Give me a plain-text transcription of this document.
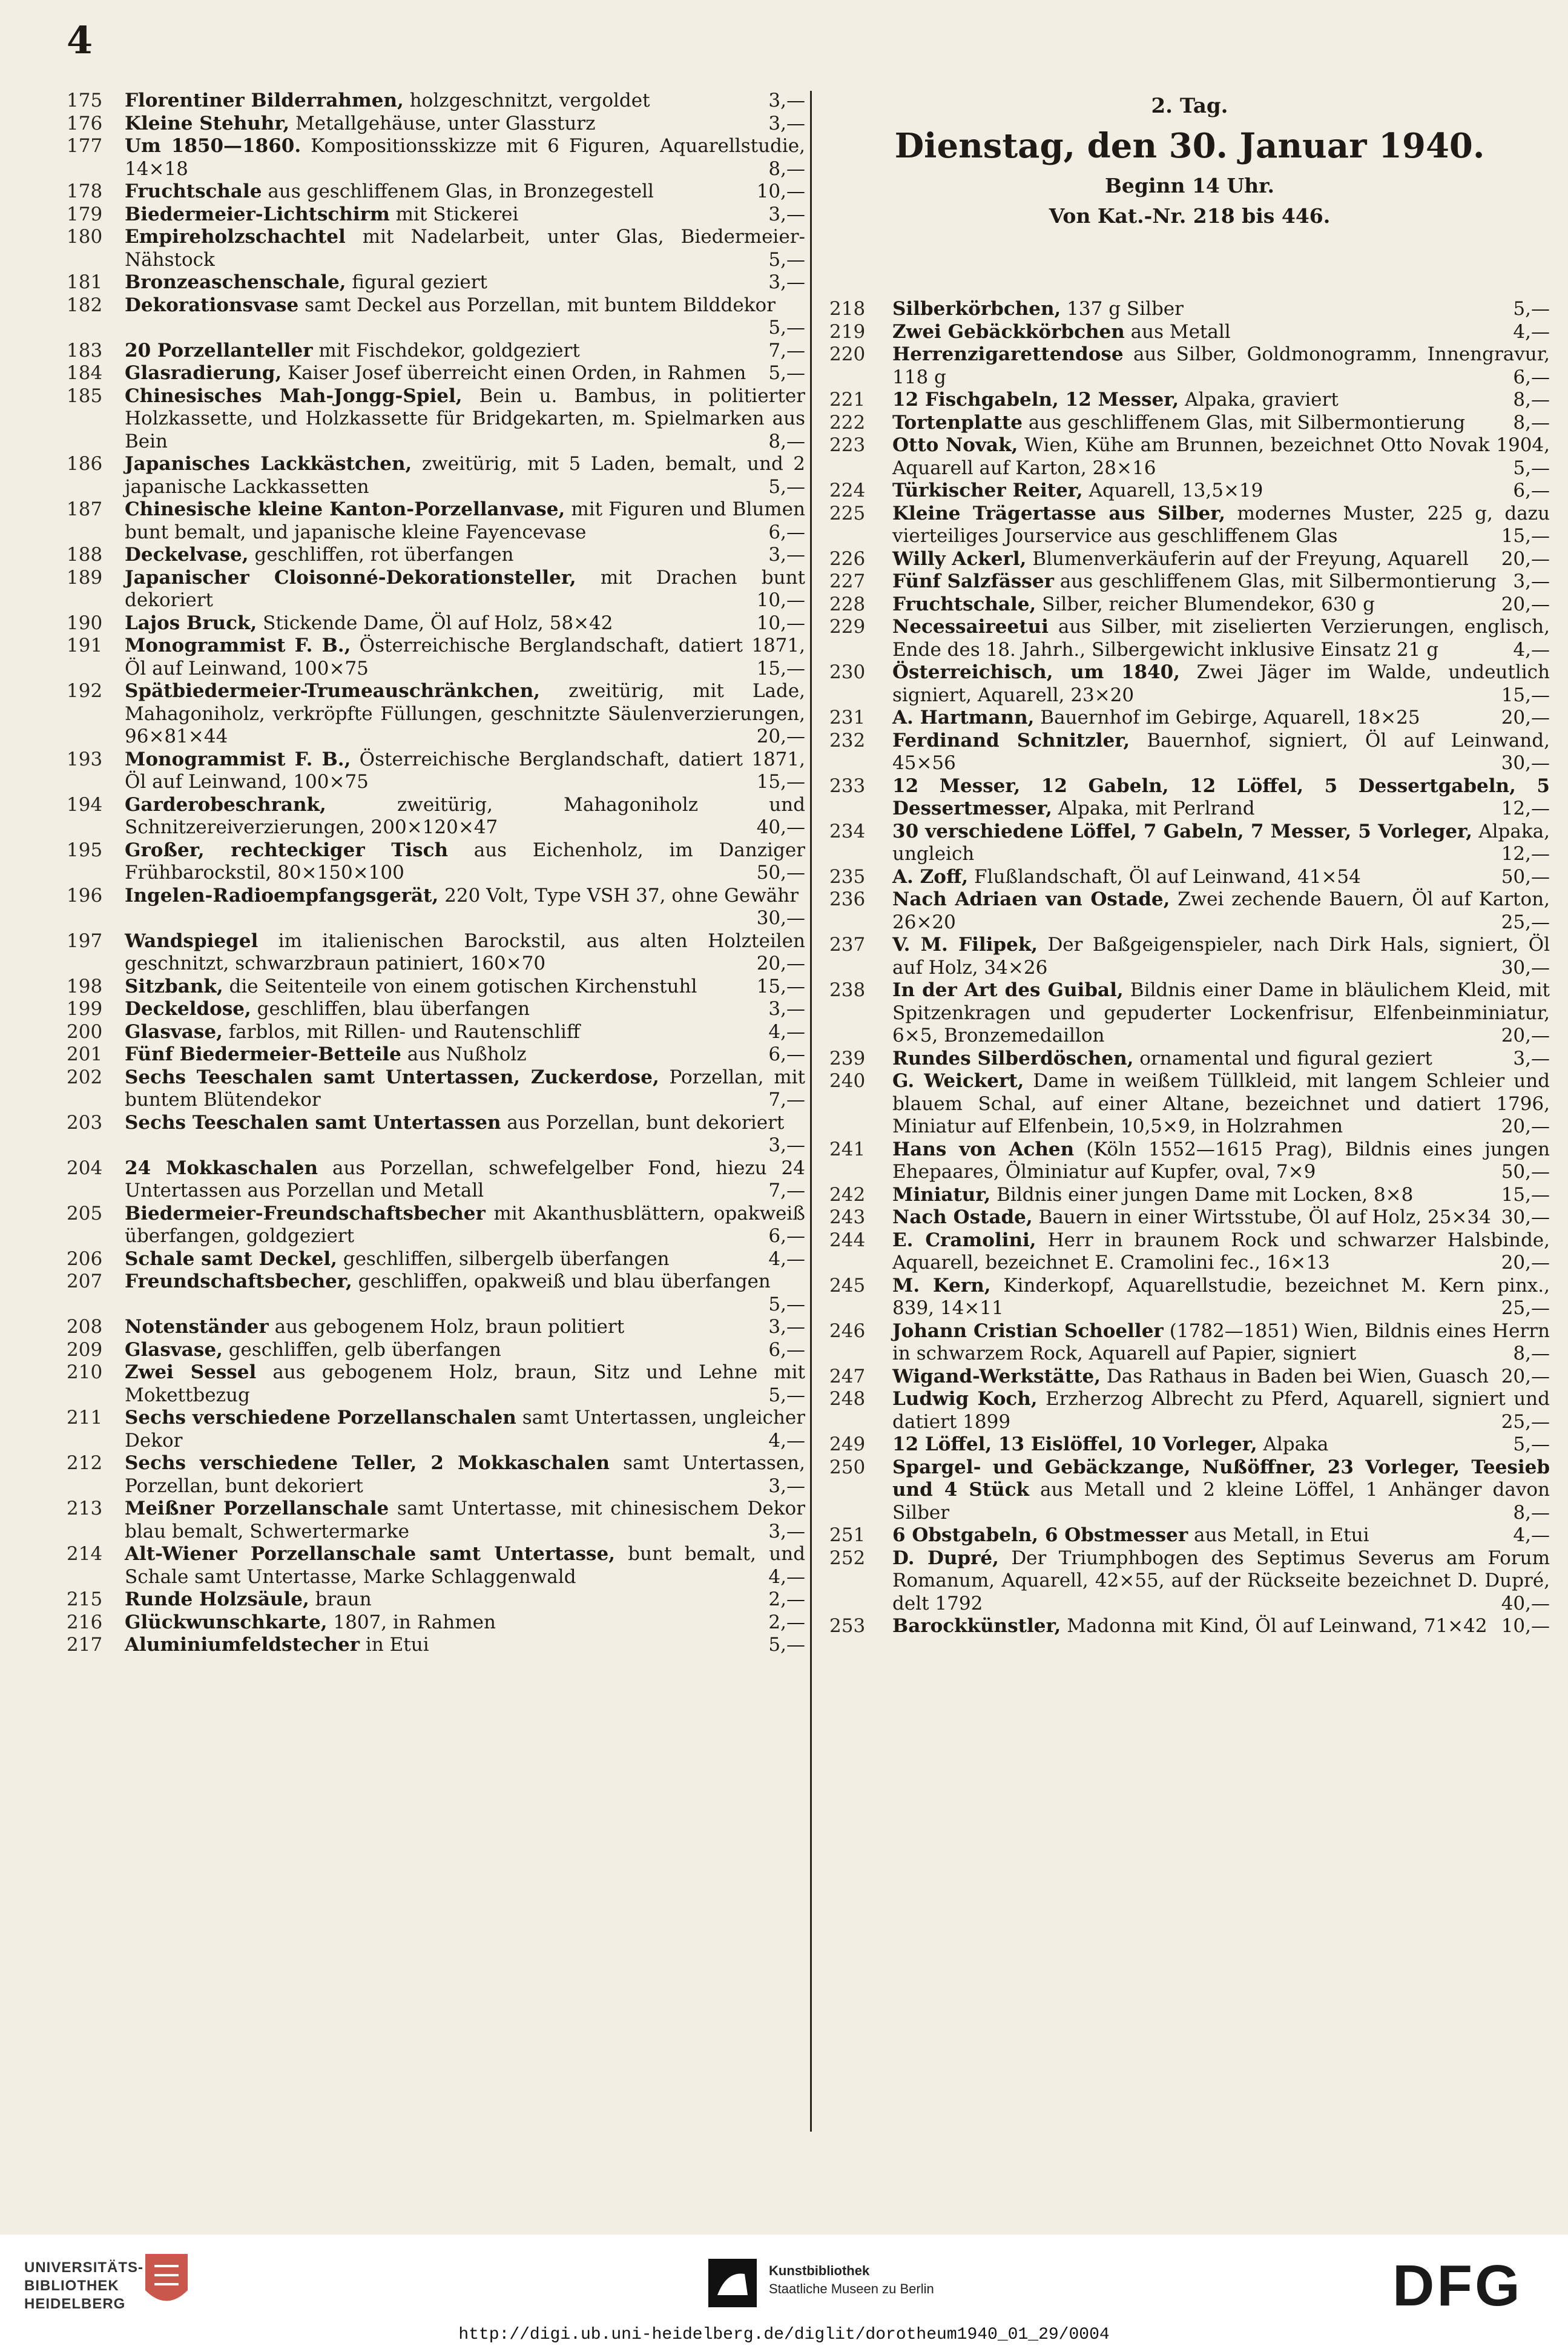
4
175	Florentiner Bilderrahmen, holzgeschnitzt, vergoldet	3,—
176	Kleine Stehuhr, Metallgehäuse, unter Glassturz	3,—
177	Um 1850—1860. Kompositionsskizze mit 6 Figuren, Aquarellstudie, 14×18	8,—
178	Fruchtschale aus geschliffenem Glas, in Bronzegestell	10,—
179	Biedermeier-Lichtschirm mit Stickerei	3,—
180	Empireholzschachtel mit Nadelarbeit, unter Glas, Biedermeier-Nähstock	5,—
181	Bronzeaschenschale, figural geziert	3,—
182	Dekorationsvase samt Deckel aus Porzellan, mit buntem Bilddekor
5,—
183	20 Porzellanteller mit Fischdekor, goldgeziert	7,—
184	Glasradierung, Kaiser Josef überreicht einen Orden, in Rahmen	5,—
185	Chinesisches Mah-Jongg-Spiel, Bein u. Bambus, in politierter Holzkassette, und Holzkassette für Bridgekarten, m. Spielmarken aus Bein	8,—
186	Japanisches Lackkästchen, zweitürig, mit 5 Laden, bemalt, und 2 japanische Lackkassetten	5,—
187	Chinesische kleine Kanton-Porzellanvase, mit Figuren und Blumen bunt bemalt, und japanische kleine Fayencevase	6,—
188	Deckelvase, geschliffen, rot überfangen	3,—
189	Japanischer Cloisonné-Dekorationsteller, mit Drachen bunt dekoriert	10,—
190	Lajos Bruck, Stickende Dame, Öl auf Holz, 58×42	10,—
191	Monogrammist F. B., Österreichische Berglandschaft, datiert 1871, Öl auf Leinwand, 100×75	15,—
192	Spätbiedermeier-Trumeauschränkchen, zweitürig, mit Lade, Mahagoniholz, verkröpfte Füllungen, geschnitzte Säulenverzierungen, 96×81×44	20,—
193	Monogrammist F. B., Österreichische Berglandschaft, datiert 1871, Öl auf Leinwand, 100×75	15,—
194	Garderobeschrank, zweitürig, Mahagoniholz und Schnitzereiverzierungen, 200×120×47	40,—
195	Großer, rechteckiger Tisch aus Eichenholz, im Danziger Frühbarockstil, 80×150×100	50,—
196	Ingelen-Radioempfangsgerät, 220 Volt, Type VSH 37, ohne Gewähr
30,—
197	Wandspiegel im italienischen Barockstil, aus alten Holzteilen geschnitzt, schwarzbraun patiniert, 160×70	20,—
198	Sitzbank, die Seitenteile von einem gotischen Kirchenstuhl	15,—
199	Deckeldose, geschliffen, blau überfangen	3,—
200	Glasvase, farblos, mit Rillen- und Rautenschliff	4,—
201	Fünf Biedermeier-Betteile aus Nußholz	6,—
202	Sechs Teeschalen samt Untertassen, Zuckerdose, Porzellan, mit buntem Blütendekor	7,—
203	Sechs Teeschalen samt Untertassen aus Porzellan, bunt dekoriert
3,—
204	24 Mokkaschalen aus Porzellan, schwefelgelber Fond, hiezu 24 Untertassen aus Porzellan und Metall	7,—
205	Biedermeier-Freundschaftsbecher mit Akanthusblättern, opakweiß überfangen, goldgeziert	6,—
206	Schale samt Deckel, geschliffen, silbergelb überfangen	4,—
207	Freundschaftsbecher, geschliffen, opakweiß und blau überfangen
5,—
208	Notenständer aus gebogenem Holz, braun politiert	3,—
209	Glasvase, geschliffen, gelb überfangen	6,—
210	Zwei Sessel aus gebogenem Holz, braun, Sitz und Lehne mit Mokettbezug	5,—
211	Sechs verschiedene Porzellanschalen samt Untertassen, ungleicher Dekor	4,—
212	Sechs verschiedene Teller, 2 Mokkaschalen samt Untertassen, Porzellan, bunt dekoriert	3,—
213	Meißner Porzellanschale samt Untertasse, mit chinesischem Dekor blau bemalt, Schwertermarke	3,—
214	Alt-Wiener Porzellanschale samt Untertasse, bunt bemalt, und Schale samt Untertasse, Marke Schlaggenwald	4,—
215	Runde Holzsäule, braun	2,—
216	Glückwunschkarte, 1807, in Rahmen	2,—
217	Aluminiumfeldstecher in Etui	5,—
2. Tag.
Dienstag, den 30. Januar 1940.
Beginn 14 Uhr.
Von Kat.-Nr. 218 bis 446.
218	Silberkörbchen, 137 g Silber	5,—
219	Zwei Gebäckkörbchen aus Metall	4,—
220	Herrenzigarettendose aus Silber, Goldmonogramm, Innengravur, 118 g	6,—
221	12 Fischgabeln, 12 Messer, Alpaka, graviert	8,—
222	Tortenplatte aus geschliffenem Glas, mit Silbermontierung	8,—
223	Otto Novak, Wien, Kühe am Brunnen, bezeichnet Otto Novak 1904, Aquarell auf Karton, 28×16	5,—
224	Türkischer Reiter, Aquarell, 13,5×19	6,—
225	Kleine Trägertasse aus Silber, modernes Muster, 225 g, dazu vierteiliges Jourservice aus geschliffenem Glas	15,—
226	Willy Ackerl, Blumenverkäuferin auf der Freyung, Aquarell	20,—
227	Fünf Salzfässer aus geschliffenem Glas, mit Silbermontierung 3,—
228	Fruchtschale, Silber, reicher Blumendekor, 630 g	20,—
229	Necessaireetui aus Silber, mit ziselierten Verzierungen, englisch, Ende des 18. Jahrh., Silbergewicht inklusive Einsatz 21 g	4,—
230	Österreichisch, um 1840, Zwei Jäger im Walde, undeutlich signiert, Aquarell, 23×20	15,—
231	A. Hartmann, Bauernhof im Gebirge, Aquarell, 18×25	20,—
232	Ferdinand Schnitzler, Bauernhof, signiert, Öl auf Leinwand, 45×56	30,—
233	12 Messer, 12 Gabeln, 12 Löffel, 5 Dessertgabeln, 5 Dessertmesser, Alpaka, mit Perlrand	12,—
234	30 verschiedene Löffel, 7 Gabeln, 7 Messer, 5 Vorleger, Alpaka, ungleich	12,—
235	A. Zoff, Flußlandschaft, Öl auf Leinwand, 41×54	50,—
236	Nach Adriaen van Ostade, Zwei zechende Bauern, Öl auf Karton, 26×20	25,—
237	V. M. Filipek, Der Baßgeigenspieler, nach Dirk Hals, signiert, Öl auf Holz, 34×26	30,—
238	In der Art des Guibal, Bildnis einer Dame in bläulichem Kleid, mit Spitzenkragen und gepuderter Lockenfrisur, Elfenbeinminiatur, 6×5, Bronzemedaillon	20,—
239	Rundes Silberdöschen, ornamental und figural geziert	3,—
240	G. Weickert, Dame in weißem Tüllkleid, mit langem Schleier und blauem Schal, auf einer Altane, bezeichnet und datiert 1796, Miniatur auf Elfenbein, 10,5×9, in Holzrahmen	20,—
241	Hans von Achen (Köln 1552—1615 Prag), Bildnis eines jungen Ehepaares, Ölminiatur auf Kupfer, oval, 7×9	50,—
242	Miniatur, Bildnis einer jungen Dame mit Locken, 8×8	15,—
243	Nach Ostade, Bauern in einer Wirtsstube, Öl auf Holz, 25×34 30,—
244	E. Cramolini, Herr in braunem Rock und schwarzer Halsbinde, Aquarell, bezeichnet E. Cramolini fec., 16×13	20,—
245	M. Kern, Kinderkopf, Aquarellstudie, bezeichnet M. Kern pinx., 839, 14×11	25,—
246	Johann Cristian Schoeller (1782—1851) Wien, Bildnis eines Herrn in schwarzem Rock, Aquarell auf Papier, signiert	8,—
247	Wigand-Werkstätte, Das Rathaus in Baden bei Wien, Guasch 20,—
248	Ludwig Koch, Erzherzog Albrecht zu Pferd, Aquarell, signiert und datiert 1899	25,—
249	12 Löffel, 13 Eislöffel, 10 Vorleger, Alpaka	5,—
250	Spargel- und Gebäckzange, Nußöffner, 23 Vorleger, Teesieb und 4 Stück aus Metall und 2 kleine Löffel, 1 Anhänger davon Silber	8,—
251	6 Obstgabeln, 6 Obstmesser aus Metall, in Etui	4,—
252	D. Dupré, Der Triumphbogen des Septimus Severus am Forum Romanum, Aquarell, 42×55, auf der Rückseite bezeichnet D. Dupré, delt 1792	40,—
253	Barockkünstler, Madonna mit Kind, Öl auf Leinwand, 71×42 10,—
UNIVERSITÄTS-
BIBLIOTHEK
HEIDELBERG
Kunstbibliothek
Staatliche Museen zu Berlin	DFG
http://digi.ub.uni-heidelberg.de/diglit/dorotheum1940_01_29/0004
